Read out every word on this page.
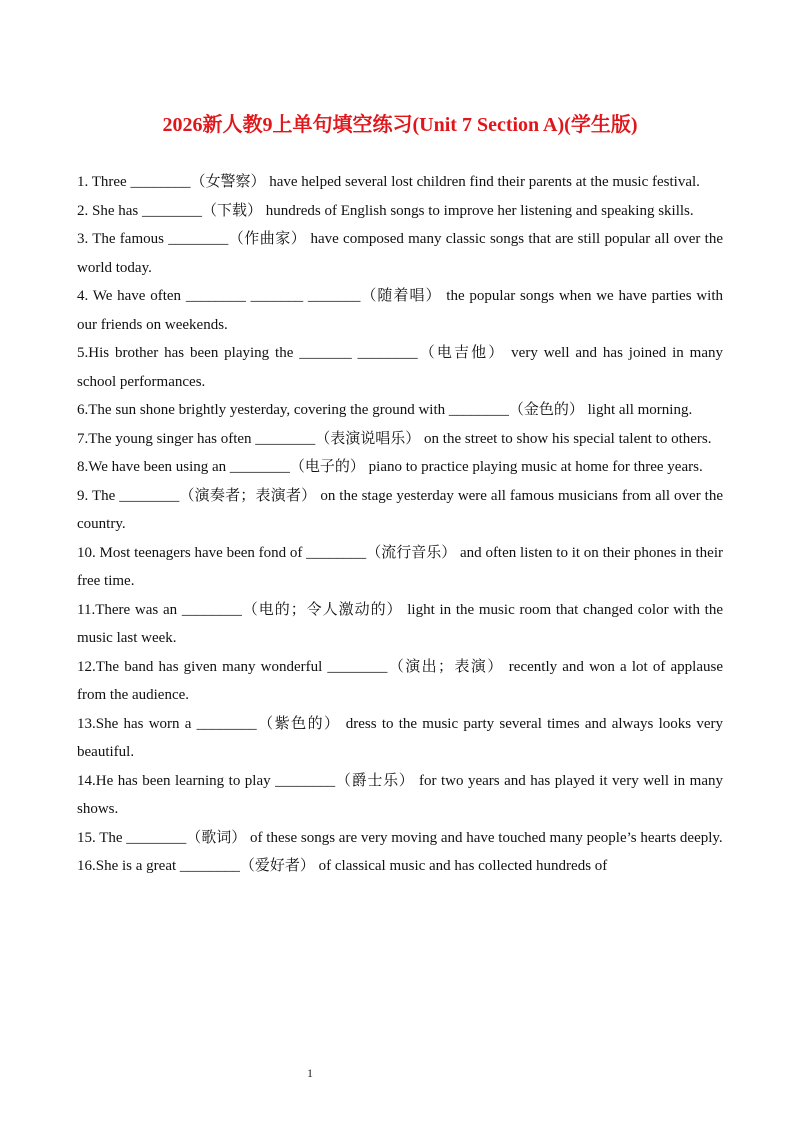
2026新人教9上单句填空练习(Unit 7 Section A)(学生版)
1. Three ________（女警察） have helped several lost children find their parents at the music festival.
2. She has ________（下载） hundreds of English songs to improve her listening and speaking skills.
3. The famous ________（作曲家） have composed many classic songs that are still popular all over the world today.
4. We have often ________ _______ _______（随着唱） the popular songs when we have parties with our friends on weekends.
5.His brother has been playing the _______ ________（电吉他） very well and has joined in many school performances.
6.The sun shone brightly yesterday, covering the ground with ________（金色的） light all morning.
7.The young singer has often ________（表演说唱乐） on the street to show his special talent to others.
8.We have been using an ________（电子的） piano to practice playing music at home for three years.
9. The ________（演奏者；表演者） on the stage yesterday were all famous musicians from all over the country.
10. Most teenagers have been fond of ________（流行音乐） and often listen to it on their phones in their free time.
11.There was an ________（电的；令人激动的） light in the music room that changed color with the music last week.
12.The band has given many wonderful ________（演出；表演） recently and won a lot of applause from the audience.
13.She has worn a ________（紫色的） dress to the music party several times and always looks very beautiful.
14.He has been learning to play ________（爵士乐） for two years and has played it very well in many shows.
15. The ________（歌词） of these songs are very moving and have touched many people’s hearts deeply.
16.She is a great ________（爱好者） of classical music and has collected hundreds of
1
